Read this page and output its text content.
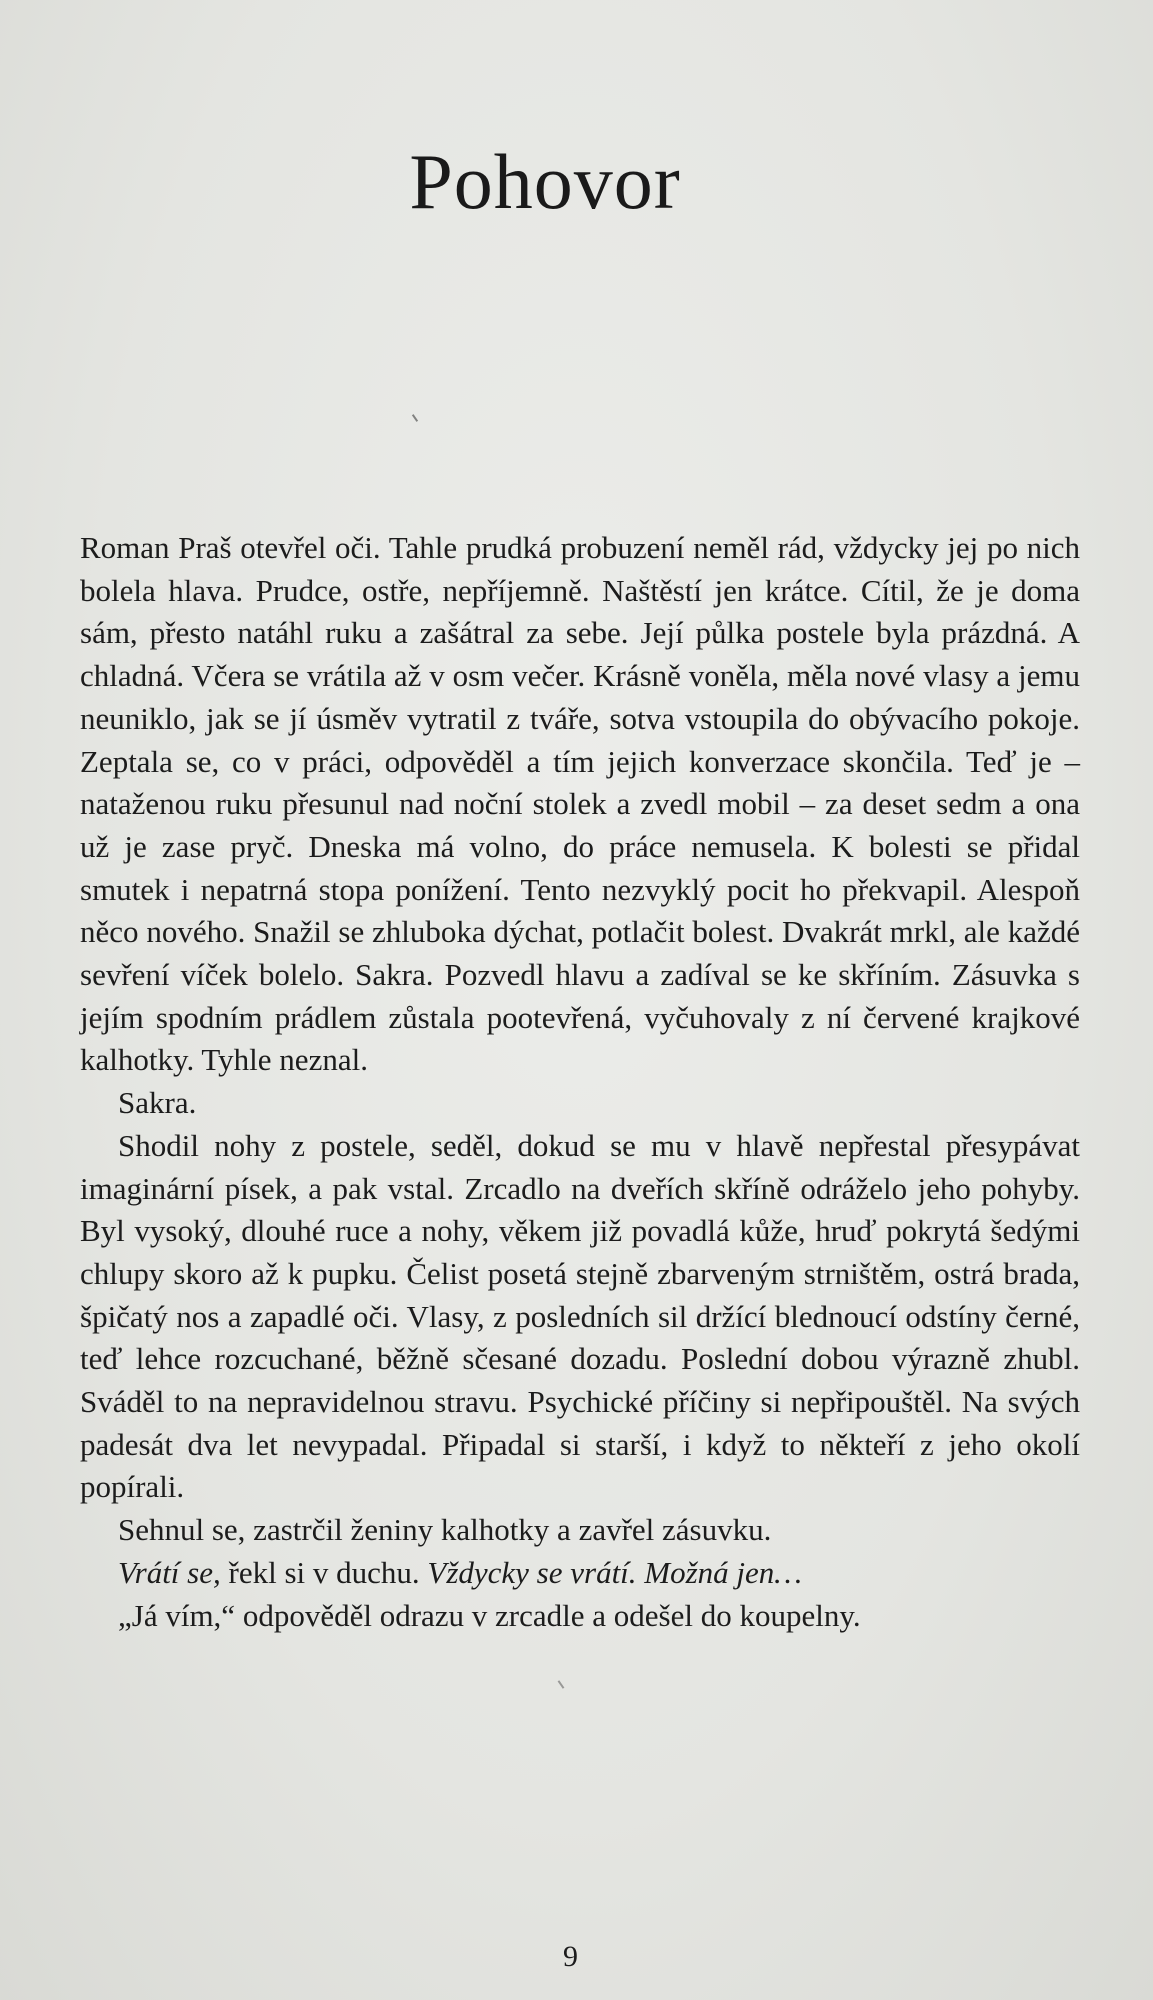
Pohovor

Roman Praš otevřel oči. Tahle prudká probuzení neměl rád, vždycky jej po nich bolela hlava. Prudce, ostře, nepříjemně. Naštěstí jen krátce. Cítil, že je doma sám, přesto natáhl ruku a zašátral za sebe. Její půlka postele byla prázdná. A chladná. Včera se vrátila až v osm večer. Krásně voněla, měla nové vlasy a jemu neuniklo, jak se jí úsměv vytratil z tváře, sotva vstoupila do obývacího pokoje. Zeptala se, co v práci, odpověděl a tím jejich konverzace skončila. Teď je – nataženou ruku přesunul nad noční stolek a zvedl mobil – za deset sedm a ona už je zase pryč. Dneska má volno, do práce nemusela. K bolesti se přidal smutek i nepatrná stopa ponížení. Tento nezvyklý pocit ho překvapil. Alespoň něco nového. Snažil se zhluboka dýchat, potlačit bolest. Dvakrát mrkl, ale každé sevření víček bolelo. Sakra. Pozvedl hlavu a zadíval se ke skříním. Zásuvka s jejím spodním prádlem zůstala pootevřená, vyčuhovaly z ní červené krajkové kalhotky. Tyhle neznal.

Sakra.

Shodil nohy z postele, seděl, dokud se mu v hlavě nepřestal přesypávat imaginární písek, a pak vstal. Zrcadlo na dveřích skříně odráželo jeho pohyby. Byl vysoký, dlouhé ruce a nohy, věkem již povadlá kůže, hruď pokrytá šedými chlupy skoro až k pupku. Čelist posetá stejně zbarveným strništěm, ostrá brada, špičatý nos a zapadlé oči. Vlasy, z posledních sil držící blednoucí odstíny černé, teď lehce rozcuchané, běžně sčesané dozadu. Poslední dobou výrazně zhubl. Sváděl to na nepravidelnou stravu. Psychické příčiny si nepřipouštěl. Na svých padesát dva let nevypadal. Připadal si starší, i když to někteří z jeho okolí popírali.

Sehnul se, zastrčil ženiny kalhotky a zavřel zásuvku.

Vrátí se, řekl si v duchu. Vždycky se vrátí. Možná jen…

„Já vím,“ odpověděl odrazu v zrcadle a odešel do koupelny.

9
